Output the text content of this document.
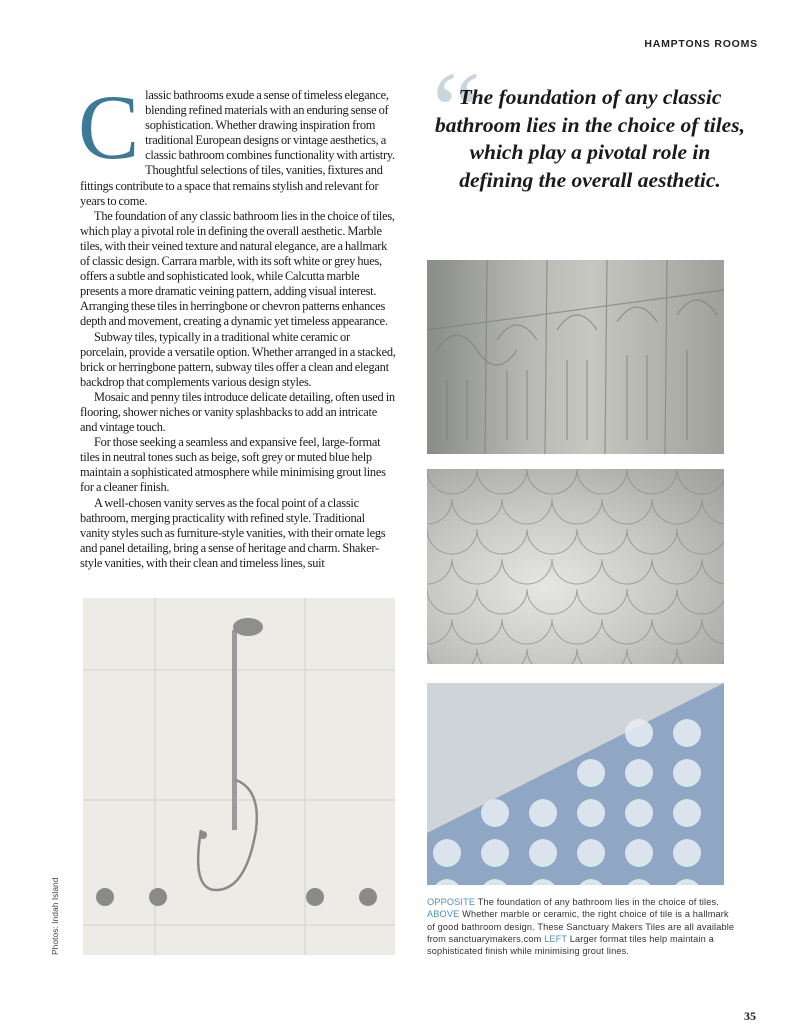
HAMPTONS ROOMS

Classic bathrooms exude a sense of timeless elegance, blending refined materials with an enduring sense of sophistication. Whether drawing inspiration from traditional European designs or vintage aesthetics, a classic bathroom combines functionality with artistry. Thoughtful selections of tiles, vanities, fixtures and fittings contribute to a space that remains stylish and relevant for years to come.

The foundation of any classic bathroom lies in the choice of tiles, which play a pivotal role in defining the overall aesthetic. Marble tiles, with their veined texture and natural elegance, are a hallmark of classic design. Carrara marble, with its soft white or grey hues, offers a subtle and sophisticated look, while Calcutta marble presents a more dramatic veining pattern, adding visual interest. Arranging these tiles in herringbone or chevron patterns enhances depth and movement, creating a dynamic yet timeless appearance.

Subway tiles, typically in a traditional white ceramic or porcelain, provide a versatile option. Whether arranged in a stacked, brick or herringbone pattern, subway tiles offer a clean and elegant backdrop that complements various design styles.

Mosaic and penny tiles introduce delicate detailing, often used in flooring, shower niches or vanity splashbacks to add an intricate and vintage touch.

For those seeking a seamless and expansive feel, large-format tiles in neutral tones such as beige, soft grey or muted blue help maintain a sophisticated atmosphere while minimising grout lines for a cleaner finish.

A well-chosen vanity serves as the focal point of a classic bathroom, merging practicality with refined style. Traditional vanity styles such as furniture-style vanities, with their ornate legs and panel detailing, bring a sense of heritage and charm. Shaker-style vanities, with their clean and timeless lines, suit

“
The foundation of any classic bathroom lies in the choice of tiles, which play a pivotal role in defining the overall aesthetic.
OPPOSITE The foundation of any bathroom lies in the choice of tiles.
ABOVE Whether marble or ceramic, the right choice of tile is a hallmark of good bathroom design. These Sanctuary Makers Tiles are all available from sanctuarymakers.com LEFT Larger format tiles help maintain a sophisticated finish while minimising grout lines.
Photos: Indah Island
35
